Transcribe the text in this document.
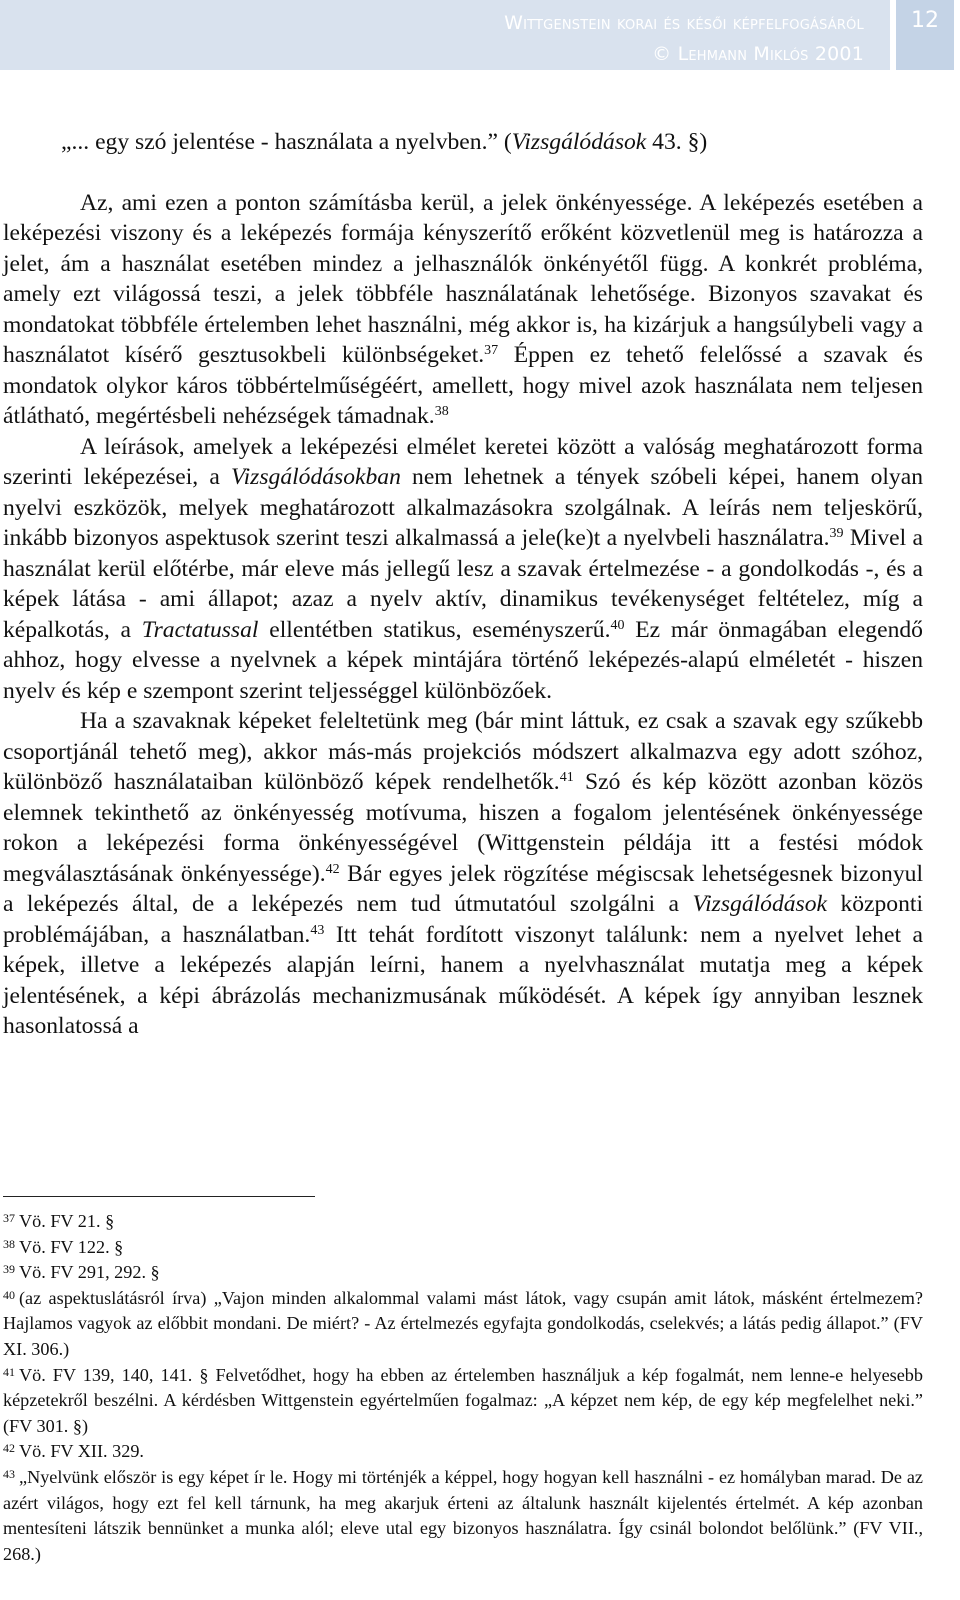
Wittgenstein korai és késői képfelfogásáról
© Lehmann Miklós 2001
12

„... egy szó jelentése - használata a nyelvben.” (Vizsgálódások 43. §)

Az, ami ezen a ponton számításba kerül, a jelek önkényessége. A leképezés esetében a leképezési viszony és a leképezés formája kényszerítő erőként közvetlenül meg is határozza a jelet, ám a használat esetében mindez a jelhasználók önkényétől függ. A konkrét probléma, amely ezt világossá teszi, a jelek többféle használatának lehetősége. Bizonyos szavakat és mondatokat többféle értelemben lehet használni, még akkor is, ha kizárjuk a hangsúlybeli vagy a használatot kísérő gesztusokbeli különbségeket.$^{37}$ Éppen ez tehető felelőssé a szavak és mondatok olykor káros többértelműségéért, amellett, hogy mivel azok használata nem teljesen átlátható, megértésbeli nehézségek támadnak.$^{38}$

A leírások, amelyek a leképezési elmélet keretei között a valóság meghatározott forma szerinti leképezései, a Vizsgálódásokban nem lehetnek a tények szóbeli képei, hanem olyan nyelvi eszközök, melyek meghatározott alkalmazásokra szolgálnak. A leírás nem teljeskörű, inkább bizonyos aspektusok szerint teszi alkalmassá a jele(ke)t a nyelvbeli használatra.$^{39}$ Mivel a használat kerül előtérbe, már eleve más jellegű lesz a szavak értelmezése - a gondolkodás -, és a képek látása - ami állapot; azaz a nyelv aktív, dinamikus tevékenységet feltételez, míg a képalkotás, a Tractatussal ellentétben statikus, eseményszerű.$^{40}$ Ez már önmagában elegendő ahhoz, hogy elvesse a nyelvnek a képek mintájára történő leképezés-alapú elméletét - hiszen nyelv és kép e szempont szerint teljességgel különbözőek.

Ha a szavaknak képeket feleltetünk meg (bár mint láttuk, ez csak a szavak egy szűkebb csoportjánál tehető meg), akkor más-más projekciós módszert alkalmazva egy adott szóhoz, különböző használataiban különböző képek rendelhetők.$^{41}$ Szó és kép között azonban közös elemnek tekinthető az önkényesség motívuma, hiszen a fogalom jelentésének önkényessége rokon a leképezési forma önkényességével (Wittgenstein példája itt a festési módok megválasztásának önkényessége).$^{42}$ Bár egyes jelek rögzítése mégiscsak lehetségesnek bizonyul a leképezés által, de a leképezés nem tud útmutatóul szolgálni a Vizsgálódások központi problémájában, a használatban.$^{43}$ Itt tehát fordított viszonyt találunk: nem a nyelvet lehet a képek, illetve a leképezés alapján leírni, hanem a nyelvhasználat mutatja meg a képek jelentésének, a képi ábrázolás mechanizmusának működését. A képek így annyiban lesznek hasonlatossá a

$^{37}$ Vö. FV 21. §

$^{38}$ Vö. FV 122. §

$^{39}$ Vö. FV 291, 292. §

$^{40}$ (az aspektuslátásról írva) „Vajon minden alkalommal valami mást látok, vagy csupán amit látok, másként értelmezem? Hajlamos vagyok az előbbit mondani. De miért? - Az értelmezés egyfajta gondolkodás, cselekvés; a látás pedig állapot.” (FV XI. 306.)

$^{41}$ Vö. FV 139, 140, 141. § Felvetődhet, hogy ha ebben az értelemben használjuk a kép fogalmát, nem lenne-e helyesebb képzetekről beszélni. A kérdésben Wittgenstein egyértelműen fogalmaz: „A képzet nem kép, de egy kép megfelelhet neki.” (FV 301. §)

$^{42}$ Vö. FV XII. 329.

$^{43}$ „Nyelvünk először is egy képet ír le. Hogy mi történjék a képpel, hogy hogyan kell használni - ez homályban marad. De az azért világos, hogy ezt fel kell tárnunk, ha meg akarjuk érteni az általunk használt kijelentés értelmét. A kép azonban mentesíteni látszik bennünket a munka alól; eleve utal egy bizonyos használatra. Így csinál bolondot belőlünk.” (FV VII., 268.)
